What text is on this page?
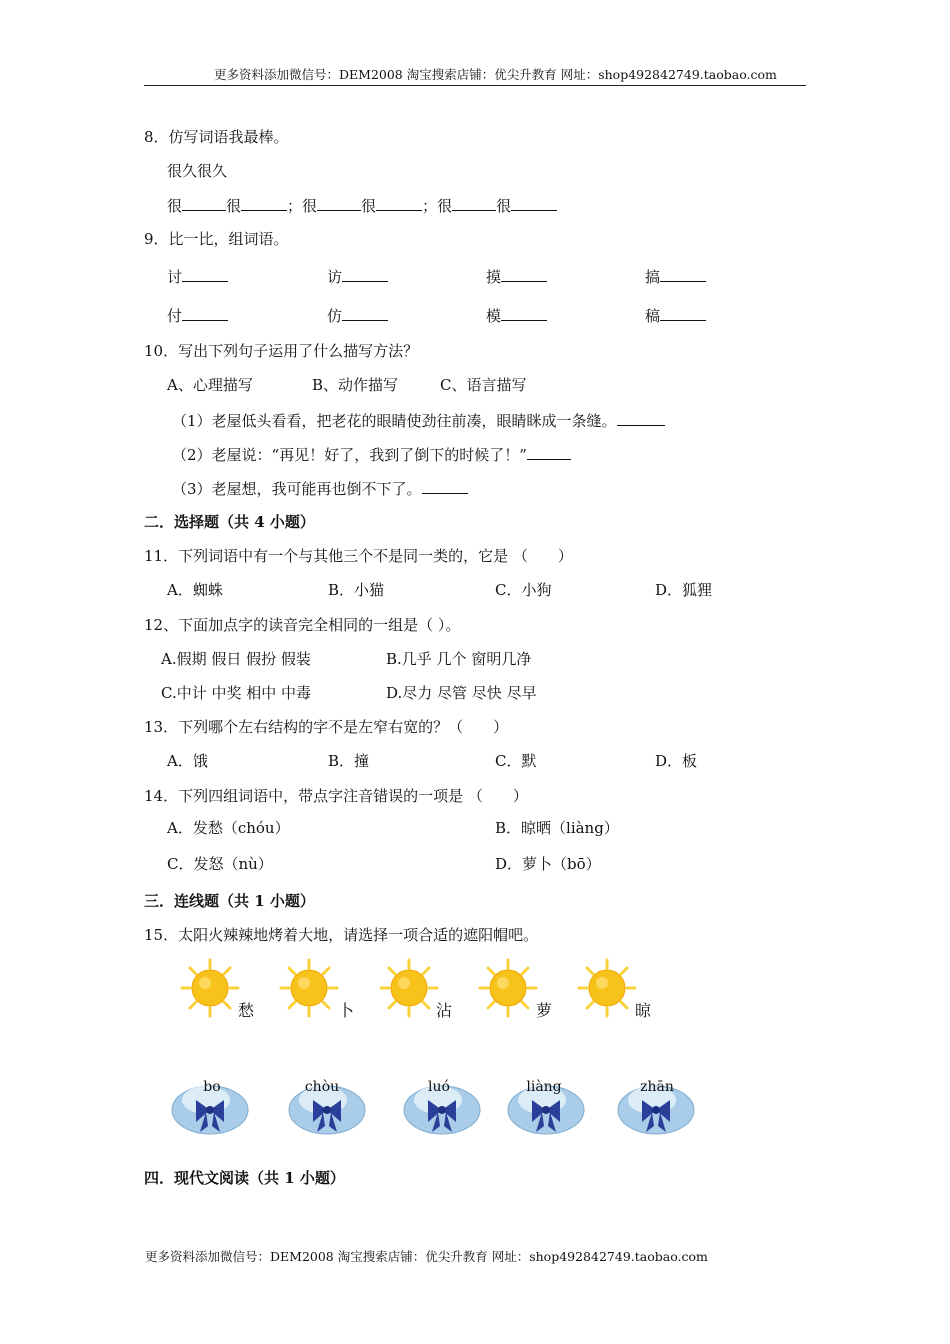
更多资料添加微信号：DEM2008 淘宝搜索店铺：优尖升教育 网址：shop492842749.taobao.com
8．仿写词语我最棒。
很久很久
很	很	；很	很	；很	很
9．比一比，组词语。
讨	访	摸	搞
付	仿	模	稿
10．写出下列句子运用了什么描写方法？
A、心理描写	B、动作描写	C、语言描写
（1）老屋低头看看，把老花的眼睛使劲往前凑，眼睛眯成一条缝。
（2）老屋说：“再见！好了，我到了倒下的时候了！”
（3）老屋想，我可能再也倒不下了。
二．选择题（共 4 小题）
11．下列词语中有一个与其他三个不是同一类的，它是 （　　）
A．蜘蛛	B．小猫	C．小狗	D．狐狸
12、下面加点字的读音完全相同的一组是（ ）。
A.假期 假日 假扮 假装	B.几乎 几个 窗明几净
C.中计 中奖 相中 中毒	D.尽力 尽管 尽快 尽早
13．下列哪个左右结构的字不是左窄右宽的？（　　）
A．饿	B．撞	C．默	D．板
14．下列四组词语中，带点字注音错误的一项是 （　　）
A．发愁（chóu）	B．晾晒（liàng）
C．发怒（nù）	D．萝卜（bō）
三．连线题（共 1 小题）
15．太阳火辣辣地烤着大地，请选择一项合适的遮阳帽吧。
愁	卜	沾	萝	晾
bo	chòu	luó	liàng	zhān
四．现代文阅读（共 1 小题）
更多资料添加微信号：DEM2008 淘宝搜索店铺：优尖升教育 网址：shop492842749.taobao.com
